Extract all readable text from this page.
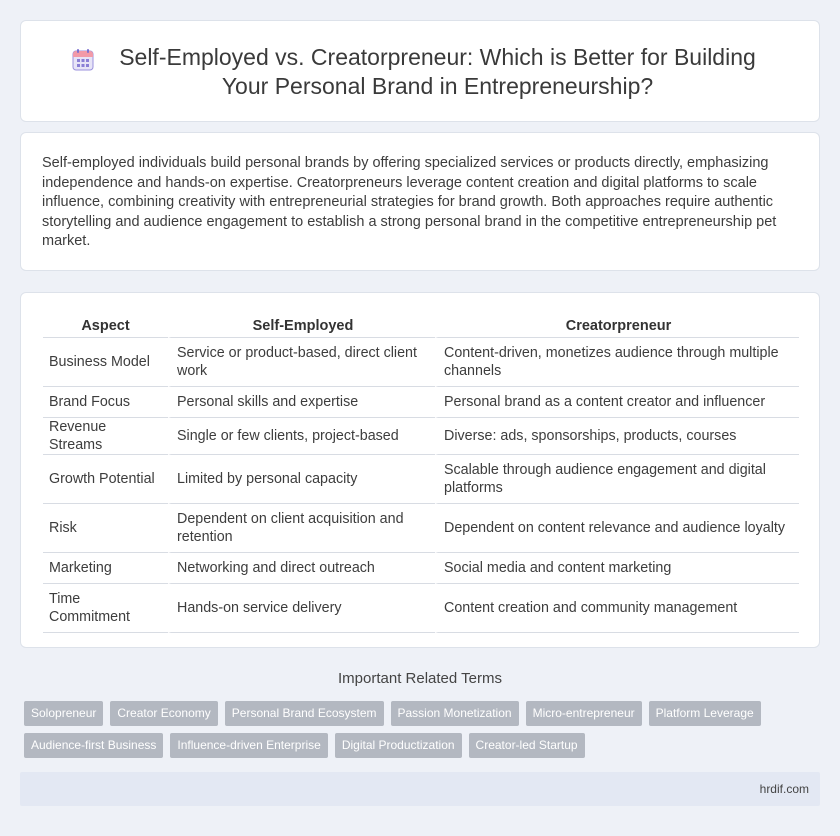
Self-Employed vs. Creatorpreneur: Which is Better for Building Your Personal Brand in Entrepreneurship?

Self-employed individuals build personal brands by offering specialized services or products directly, emphasizing independence and hands-on expertise. Creatorpreneurs leverage content creation and digital platforms to scale influence, combining creativity with entrepreneurial strategies for brand growth. Both approaches require authentic storytelling and audience engagement to establish a strong personal brand in the competitive entrepreneurship pet market.

Aspect	Self-Employed	Creatorpreneur
Business Model	Service or product-based, direct client work	Content-driven, monetizes audience through multiple channels
Brand Focus	Personal skills and expertise	Personal brand as a content creator and influencer
Revenue Streams	Single or few clients, project-based	Diverse: ads, sponsorships, products, courses
Growth Potential	Limited by personal capacity	Scalable through audience engagement and digital platforms
Risk	Dependent on client acquisition and retention	Dependent on content relevance and audience loyalty
Marketing	Networking and direct outreach	Social media and content marketing
Time Commitment	Hands-on service delivery	Content creation and community management
Important Related Terms
Solopreneur	Creator Economy	Personal Brand Ecosystem	Passion Monetization	Micro-entrepreneur	Platform Leverage
Audience-first Business	Influence-driven Enterprise	Digital Productization	Creator-led Startup
hrdif.com
